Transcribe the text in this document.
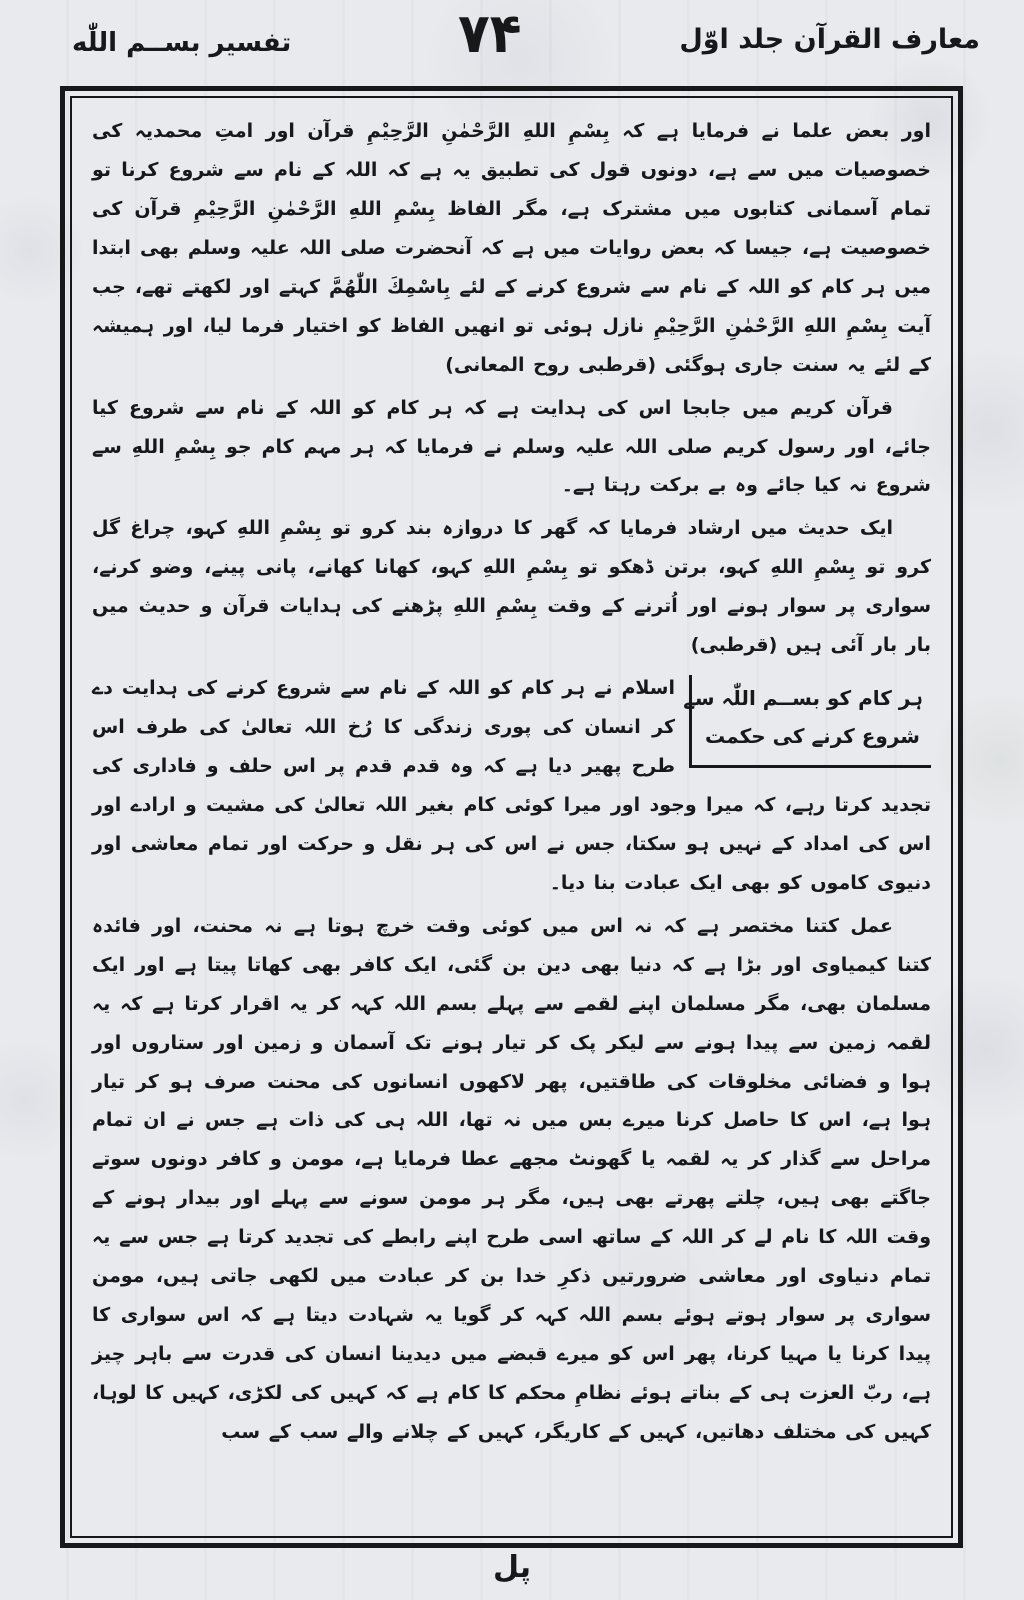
معارف القرآن جلد اوّل
۷۴
تفسير بســم اللّٰه

اور بعض علما نے فرمایا ہے کہ بِسْمِ اللهِ الرَّحْمٰنِ الرَّحِیْمِ قرآن اور امتِ محمدیہ کی خصوصیات میں سے ہے، دونوں قول کی تطبیق یہ ہے کہ اللہ کے نام سے شروع کرنا تو تمام آسمانی کتابوں میں مشترک ہے، مگر الفاظ بِسْمِ اللهِ الرَّحْمٰنِ الرَّحِیْمِ قرآن کی خصوصیت ہے، جیسا کہ بعض روایات میں ہے کہ آنحضرت صلی اللہ علیہ وسلم بھی ابتدا میں ہر کام کو اللہ کے نام سے شروع کرنے کے لئے بِاسْمِكَ اللّٰهُمَّ کہتے اور لکھتے تھے، جب آیت بِسْمِ اللهِ الرَّحْمٰنِ الرَّحِیْمِ نازل ہوئی تو انھیں الفاظ کو اختیار فرما لیا، اور ہمیشہ کے لئے یہ سنت جاری ہوگئی (قرطبی روح المعانی)

قرآن کریم میں جابجا اس کی ہدایت ہے کہ ہر کام کو اللہ کے نام سے شروع کیا جائے، اور رسول کریم صلی اللہ علیہ وسلم نے فرمایا کہ ہر مہم کام جو بِسْمِ اللهِ سے شروع نہ کیا جائے وہ بے برکت رہتا ہے۔

ایک حدیث میں ارشاد فرمایا کہ گھر کا دروازہ بند کرو تو بِسْمِ اللهِ کہو، چراغ گل کرو تو بِسْمِ اللهِ کہو، برتن ڈھکو تو بِسْمِ اللهِ کہو، کھانا کھانے، پانی پینے، وضو کرنے، سواری پر سوار ہونے اور اُترنے کے وقت بِسْمِ اللهِ پڑھنے کی ہدایات قرآن و حدیث میں بار بار آئی ہیں (قرطبی)

ہر کام کو بســم اللّٰہ سے
شروع کرنے کی حکمت

اسلام نے ہر کام کو اللہ کے نام سے شروع کرنے کی ہدایت دے کر انسان کی پوری زندگی کا رُخ اللہ تعالیٰ کی طرف اس طرح پھیر دیا ہے کہ وہ قدم قدم پر اس حلف و فاداری کی تجدید کرتا رہے، کہ میرا وجود اور میرا کوئی کام بغیر اللہ تعالیٰ کی مشیت و ارادے اور اس کی امداد کے نہیں ہو سکتا، جس نے اس کی ہر نقل و حرکت اور تمام معاشی اور دنیوی کاموں کو بھی ایک عبادت بنا دیا۔

عمل کتنا مختصر ہے کہ نہ اس میں کوئی وقت خرچ ہوتا ہے نہ محنت، اور فائدہ کتنا کیمیاوی اور بڑا ہے کہ دنیا بھی دین بن گئی، ایک کافر بھی کھاتا پیتا ہے اور ایک مسلمان بھی، مگر مسلمان اپنے لقمے سے پہلے بسم اللہ کہہ کر یہ اقرار کرتا ہے کہ یہ لقمہ زمین سے پیدا ہونے سے لیکر پک کر تیار ہونے تک آسمان و زمین اور ستاروں اور ہوا و فضائی مخلوقات کی طاقتیں، پھر لاکھوں انسانوں کی محنت صرف ہو کر تیار ہوا ہے، اس کا حاصل کرنا میرے بس میں نہ تھا، اللہ ہی کی ذات ہے جس نے ان تمام مراحل سے گذار کر یہ لقمہ یا گھونٹ مجھے عطا فرمایا ہے، مومن و کافر دونوں سوتے جاگتے بھی ہیں، چلتے پھرتے بھی ہیں، مگر ہر مومن سونے سے پہلے اور بیدار ہونے کے وقت اللہ کا نام لے کر اللہ کے ساتھ اسی طرح اپنے رابطے کی تجدید کرتا ہے جس سے یہ تمام دنیاوی اور معاشی ضرورتیں ذکرِ خدا بن کر عبادت میں لکھی جاتی ہیں، مومن سواری پر سوار ہوتے ہوئے بسم اللہ کہہ کر گویا یہ شہادت دیتا ہے کہ اس سواری کا پیدا کرنا یا مہیا کرنا، پھر اس کو میرے قبضے میں دیدینا انسان کی قدرت سے باہر چیز ہے، ربّ العزت ہی کے بناتے ہوئے نظامِ محکم کا کام ہے کہ کہیں کی لکڑی، کہیں کا لوہا، کہیں کی مختلف دھاتیں، کہیں کے کاریگر، کہیں کے چلانے والے سب کے سب

پل
